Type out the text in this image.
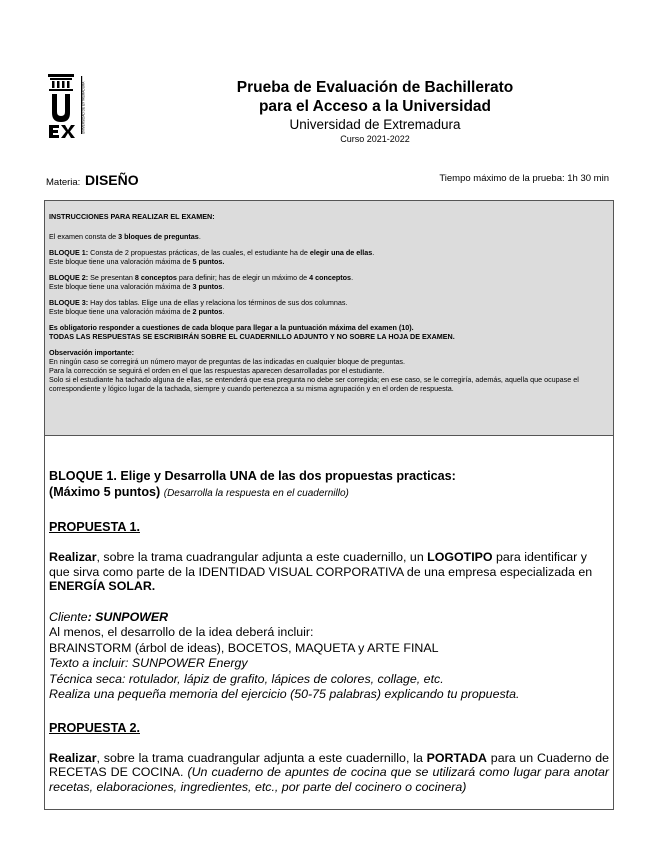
UNIVERSIDAD DE EXTREMADURA	Prueba de Evaluación de Bachillerato
para el Acceso a la Universidad
Universidad de Extremadura
Curso 2021-2022
Materia: DISEÑO	Tiempo máximo de la prueba: 1h 30 min

INSTRUCCIONES PARA REALIZAR EL EXAMEN:

El examen consta de 3 bloques de preguntas.

BLOQUE 1: Consta de 2 propuestas prácticas, de las cuales, el estudiante ha de elegir una de ellas.
Este bloque tiene una valoración máxima de 5 puntos.

BLOQUE 2: Se presentan 8 conceptos para definir; has de elegir un máximo de 4 conceptos.
Este bloque tiene una valoración máxima de 3 puntos.

BLOQUE 3: Hay dos tablas. Elige una de ellas y relaciona los términos de sus dos columnas.
Este bloque tiene una valoración máxima de 2 puntos.

Es obligatorio responder a cuestiones de cada bloque para llegar a la puntuación máxima del examen (10).
TODAS LAS RESPUESTAS SE ESCRIBIRÁN SOBRE EL CUADERNILLO ADJUNTO Y NO SOBRE LA HOJA DE EXAMEN.

Observación importante:
En ningún caso se corregirá un número mayor de preguntas de las indicadas en cualquier bloque de preguntas.
Para la corrección se seguirá el orden en el que las respuestas aparecen desarrolladas por el estudiante.
Solo si el estudiante ha tachado alguna de ellas, se entenderá que esa pregunta no debe ser corregida; en ese caso, se le corregiría, además, aquella que ocupase el correspondiente y lógico lugar de la tachada, siempre y cuando pertenezca a su misma agrupación y en el orden de respuesta.

BLOQUE 1. Elige y Desarrolla UNA de las dos propuestas practicas:
(Máximo 5 puntos) (Desarrolla la respuesta en el cuadernillo)
PROPUESTA 1.

Realizar, sobre la trama cuadrangular adjunta a este cuadernillo, un LOGOTIPO para identificar y que sirva como parte de la IDENTIDAD VISUAL CORPORATIVA de una empresa especializada en ENERGÍA SOLAR.

Cliente: SUNPOWER
Al menos, el desarrollo de la idea deberá incluir:
BRAINSTORM (árbol de ideas), BOCETOS, MAQUETA y ARTE FINAL
Texto a incluir: SUNPOWER Energy
Técnica seca: rotulador, lápiz de grafito, lápices de colores, collage, etc.
Realiza una pequeña memoria del ejercicio (50-75 palabras) explicando tu propuesta.
PROPUESTA 2.

Realizar, sobre la trama cuadrangular adjunta a este cuadernillo, la PORTADA para un Cuaderno de RECETAS DE COCINA. (Un cuaderno de apuntes de cocina que se utilizará como lugar para anotar recetas, elaboraciones, ingredientes, etc., por parte del cocinero o cocinera)
